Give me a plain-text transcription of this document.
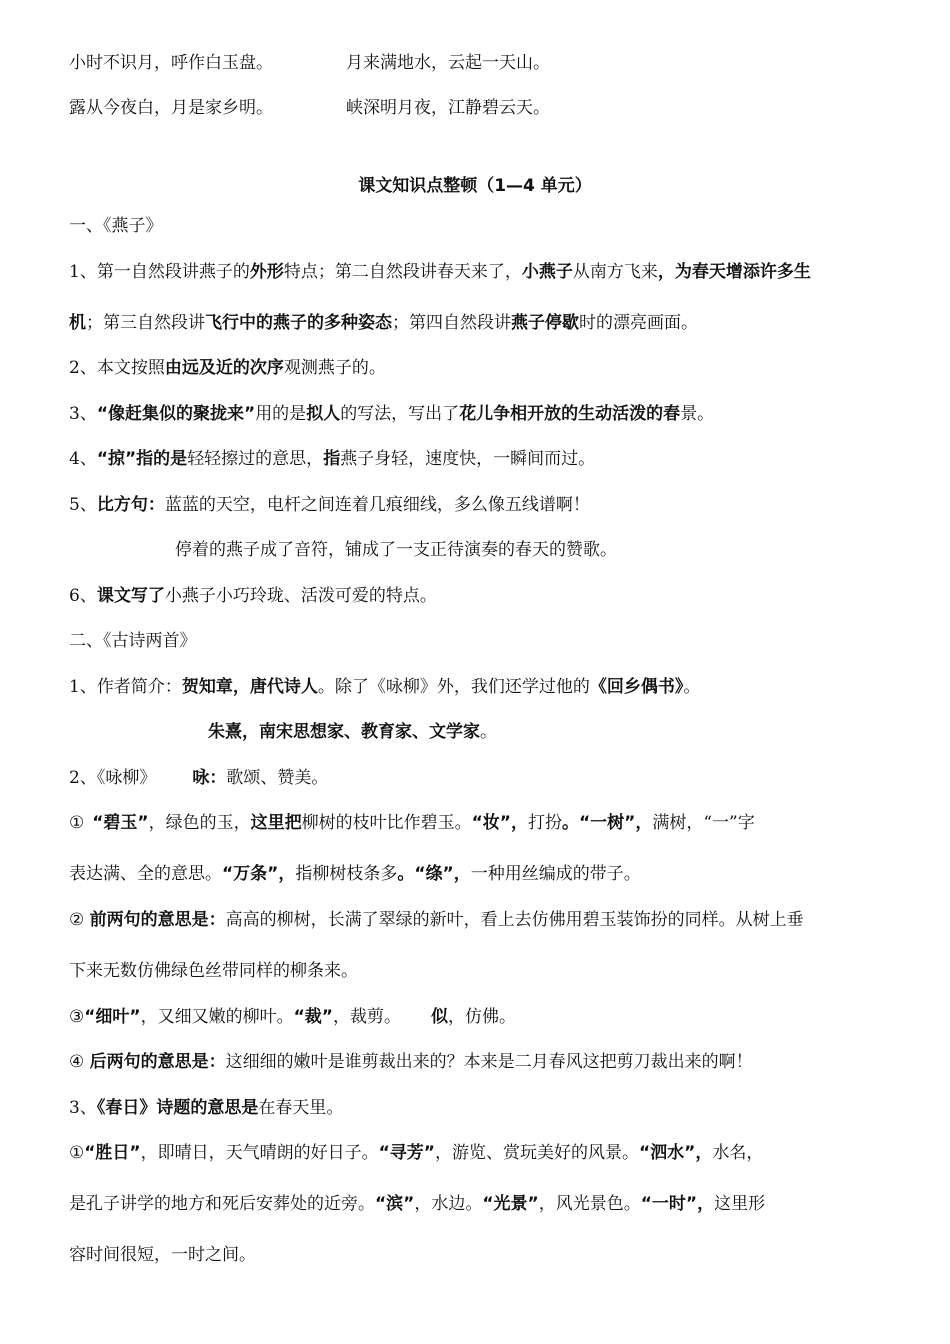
小时不识月，呼作白玉盘。	月来满地水，云起一天山。
露从今夜白，月是家乡明。	峡深明月夜，江静碧云天。
课文知识点整顿（1—4 单元）
一、《燕子》
1、第一自然段讲燕子的外形特点；第二自然段讲春天来了，小燕子从南方飞来，为春天增添许多生
机；第三自然段讲飞行中的燕子的多种姿态；第四自然段讲燕子停歇时的漂亮画面。
2、本文按照由远及近的次序观测燕子的。
3、“像赶集似的聚拢来”用的是拟人的写法，写出了花儿争相开放的生动活泼的春景。
4、“掠”指的是轻轻擦过的意思，指燕子身轻，速度快，一瞬间而过。
5、比方句：蓝蓝的天空，电杆之间连着几痕细线，多么像五线谱啊！
停着的燕子成了音符，铺成了一支正待演奏的春天的赞歌。
6、课文写了小燕子小巧玲珑、活泼可爱的特点。
二、《古诗两首》
1、作者简介：贺知章，唐代诗人。除了《咏柳》外，我们还学过他的《回乡偶书》。
朱熹，南宋思想家、教育家、文学家。
2、《咏柳》 咏：歌颂、赞美。
① “碧玉”，绿色的玉，这里把柳树的枝叶比作碧玉。“妆”，打扮。“一树”，满树，“一”字
表达满、全的意思。“万条”，指柳树枝条多。“绦”，一种用丝编成的带子。
② 前两句的意思是：高高的柳树，长满了翠绿的新叶，看上去仿佛用碧玉装饰扮的同样。从树上垂
下来无数仿佛绿色丝带同样的柳条来。
③“细叶”，又细又嫩的柳叶。“裁”，裁剪。 似，仿佛。
④ 后两句的意思是：这细细的嫩叶是谁剪裁出来的？本来是二月春风这把剪刀裁出来的啊！
3、《春日》诗题的意思是在春天里。
①“胜日”，即晴日，天气晴朗的好日子。“寻芳”，游览、赏玩美好的风景。“泗水”，水名，
是孔子讲学的地方和死后安葬处的近旁。“滨”，水边。“光景”，风光景色。“一时”，这里形
容时间很短，一时之间。
